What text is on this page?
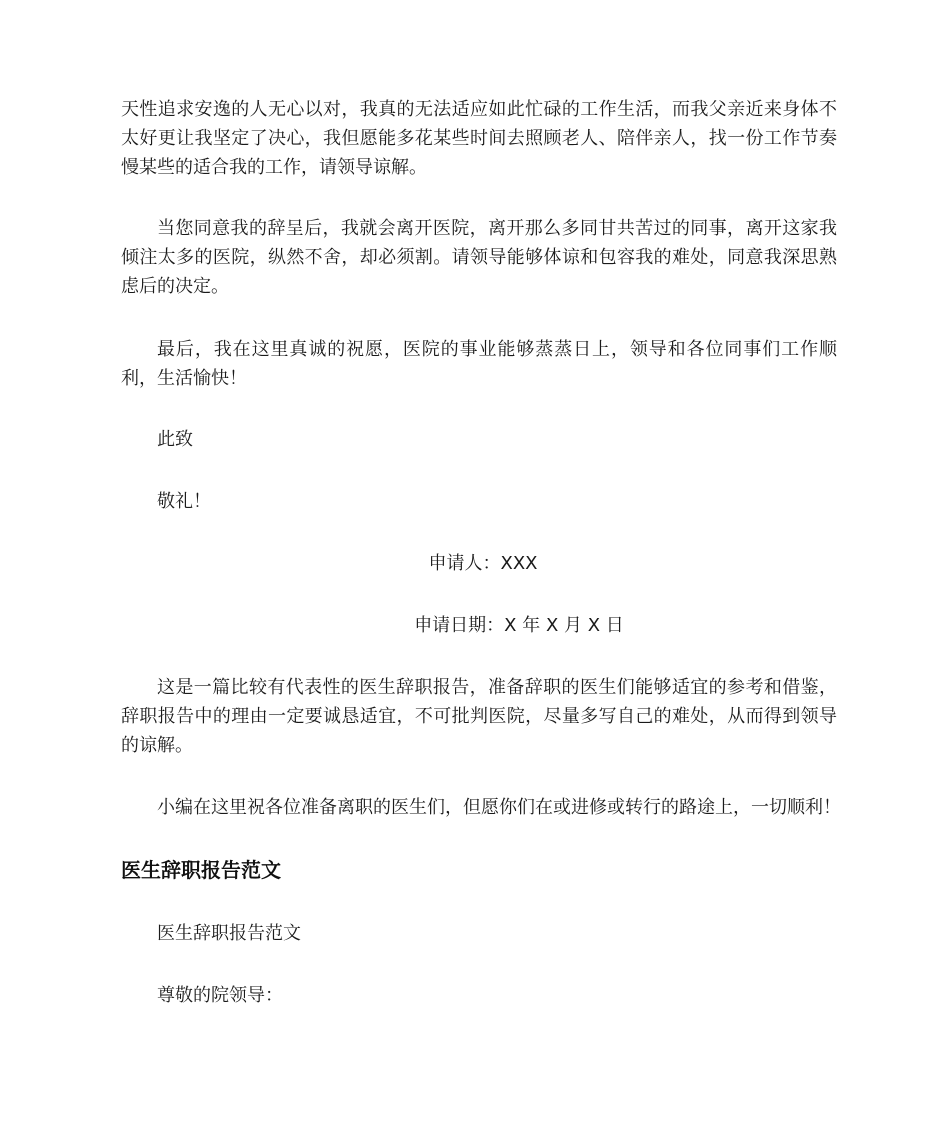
天性追求安逸的人无心以对，我真的无法适应如此忙碌的工作生活，而我父亲近来身体不太好更让我坚定了决心，我但愿能多花某些时间去照顾老人、陪伴亲人，找一份工作节奏慢某些的适合我的工作，请领导谅解。

当您同意我的辞呈后，我就会离开医院，离开那么多同甘共苦过的同事，离开这家我倾注太多的医院，纵然不舍，却必须割。请领导能够体谅和包容我的难处，同意我深思熟虑后的决定。

最后，我在这里真诚的祝愿，医院的事业能够蒸蒸日上，领导和各位同事们工作顺利，生活愉快！

此致

敬礼！

申请人：XXX

申请日期：X 年 X 月 X 日

这是一篇比较有代表性的医生辞职报告，准备辞职的医生们能够适宜的参考和借鉴，辞职报告中的理由一定要诚恳适宜，不可批判医院，尽量多写自己的难处，从而得到领导的谅解。

小编在这里祝各位准备离职的医生们，但愿你们在或进修或转行的路途上，一切顺利！

医生辞职报告范文

医生辞职报告范文

尊敬的院领导：
